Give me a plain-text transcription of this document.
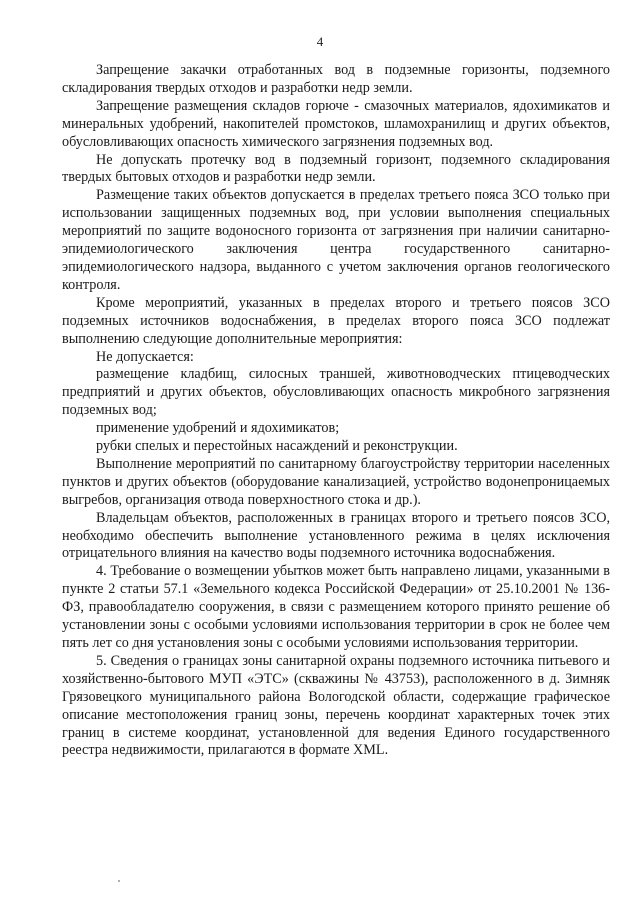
4

Запрещение закачки отработанных вод в подземные горизонты, подземного складирования твердых отходов и разработки недр земли.

Запрещение размещения складов горюче - смазочных материалов, ядохимикатов и минеральных удобрений, накопителей промстоков, шламохранилищ и других объектов, обусловливающих опасность химического загрязнения подземных вод.

Не допускать протечку вод в подземный горизонт, подземного складирования твердых бытовых отходов и разработки недр земли.

Размещение таких объектов допускается в пределах третьего пояса ЗСО только при использовании защищенных подземных вод, при условии выполнения специальных мероприятий по защите водоносного горизонта от загрязнения при наличии санитарно-эпидемиологического заключения центра государственного санитарно-эпидемиологического надзора, выданного с учетом заключения органов геологического контроля.

Кроме мероприятий, указанных в пределах второго и третьего поясов ЗСО подземных источников водоснабжения, в пределах второго пояса ЗСО подлежат выполнению следующие дополнительные мероприятия:

Не допускается:

размещение кладбищ, силосных траншей, животноводческих птицеводческих предприятий и других объектов, обусловливающих опасность микробного загрязнения подземных вод;

применение удобрений и ядохимикатов;

рубки спелых и перестойных насаждений и реконструкции.

Выполнение мероприятий по санитарному благоустройству территории населенных пунктов и других объектов (оборудование канализацией, устройство водонепроницаемых выгребов, организация отвода поверхностного стока и др.).

Владельцам объектов, расположенных в границах второго и третьего поясов ЗСО, необходимо обеспечить выполнение установленного режима в целях исключения отрицательного влияния на качество воды подземного источника водоснабжения.

4. Требование о возмещении убытков может быть направлено лицами, указанными в пункте 2 статьи 57.1 «Земельного кодекса Российской Федерации» от 25.10.2001 № 136-ФЗ, правообладателю сооружения, в связи с размещением которого принято решение об установлении зоны с особыми условиями использования территории в срок не более чем пять лет со дня установления зоны с особыми условиями использования территории.

5. Сведения о границах зоны санитарной охраны подземного источника питьевого и хозяйственно-бытового МУП «ЭТС» (скважины № 43753), расположенного в д. Зимняк Грязовецкого муниципального района Вологодской области, содержащие графическое описание местоположения границ зоны, перечень координат характерных точек этих границ в системе координат, установленной для ведения Единого государственного реестра недвижимости, прилагаются в формате XML.
